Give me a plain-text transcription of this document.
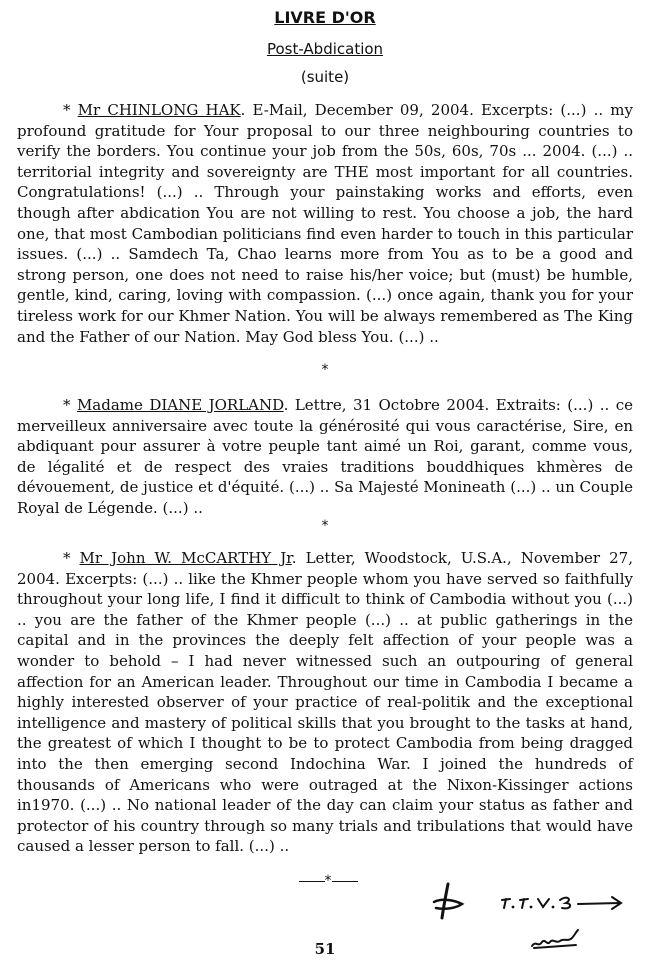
LIVRE D'OR
Post-Abdication
(suite)

* Mr CHINLONG HAK. E-Mail, December 09, 2004. Excerpts: (...) .. my profound gratitude for Your proposal to our three neighbouring countries to verify the borders. You continue your job from the 50s, 60s, 70s ... 2004. (...) .. territorial integrity and sovereignty are THE most important for all countries. Congratulations! (...) .. Through your painstaking works and efforts, even though after abdication You are not willing to rest. You choose a job, the hard one, that most Cambodian politicians find even harder to touch in this particular issues. (...) .. Samdech Ta, Chao learns more from You as to be a good and strong person, one does not need to raise his/her voice; but (must) be humble, gentle, kind, caring, loving with compassion. (...) once again, thank you for your tireless work for our Khmer Nation. You will be always remembered as The King and the Father of our Nation. May God bless You. (...) ..

*

* Madame DIANE JORLAND. Lettre, 31 Octobre 2004. Extraits: (...) .. ce merveilleux anniversaire avec toute la générosité qui vous caractérise, Sire, en abdiquant pour assurer à votre peuple tant aimé un Roi, garant, comme vous, de légalité et de respect des vraies traditions bouddhiques khmères de dévouement, de justice et d'équité. (...) .. Sa Majesté Monineath (...) .. un Couple Royal de Légende. (...) ..

*

* Mr John W. McCARTHY Jr. Letter, Woodstock, U.S.A., November 27, 2004. Excerpts: (...) .. like the Khmer people whom you have served so faithfully throughout your long life, I find it difficult to think of Cambodia without you (...) .. you are the father of the Khmer people (...) .. at public gatherings in the capital and in the provinces the deeply felt affection of your people was a wonder to behold – I had never witnessed such an outpouring of general affection for an American leader. Throughout our time in Cambodia I became a highly interested observer of your practice of real-politik and the exceptional intelligence and mastery of political skills that you brought to the tasks at hand, the greatest of which I thought to be to protect Cambodia from being dragged into the then emerging second Indochina War. I joined the hundreds of thousands of Americans who were outraged at the Nixon-Kissinger actions in1970. (...) .. No national leader of the day can claim your status as father and protector of his country through so many trials and tribulations that would have caused a lesser person to fall. (...) ..

*
51
